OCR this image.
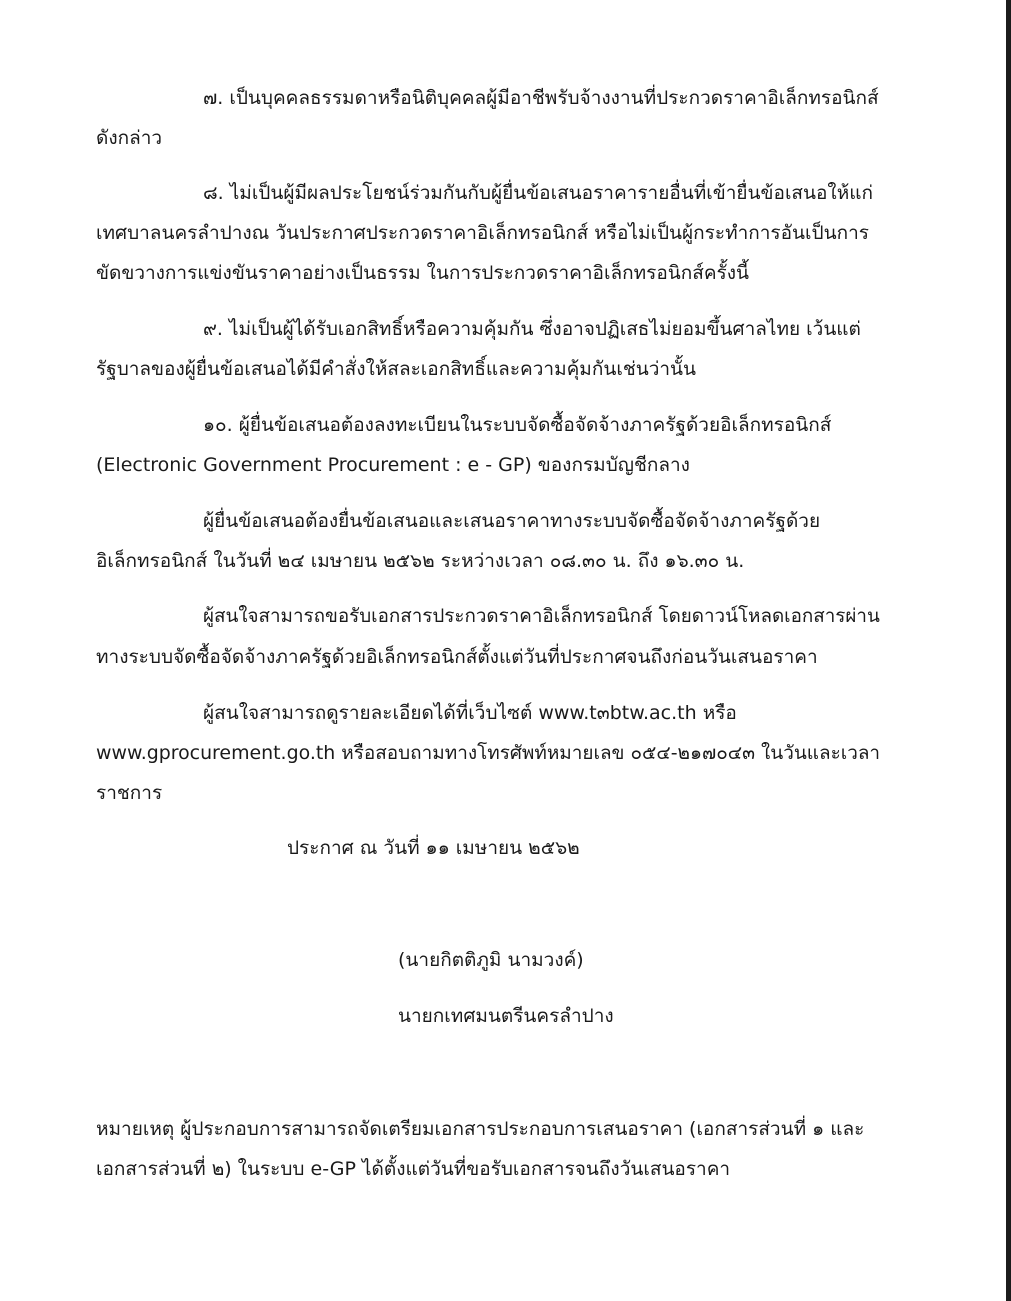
๗. เป็นบุคคลธรรมดาหรือนิติบุคคลผู้มีอาชีพรับจ้างงานที่ประกวดราคาอิเล็กทรอนิกส์
ดังกล่าว
๘. ไม่เป็นผู้มีผลประโยชน์ร่วมกันกับผู้ยื่นข้อเสนอราคารายอื่นที่เข้ายื่นข้อเสนอให้แก่
เทศบาลนครลำปางณ วันประกาศประกวดราคาอิเล็กทรอนิกส์ หรือไม่เป็นผู้กระทำการอันเป็นการ
ขัดขวางการแข่งขันราคาอย่างเป็นธรรม ในการประกวดราคาอิเล็กทรอนิกส์ครั้งนี้
๙. ไม่เป็นผู้ได้รับเอกสิทธิ์หรือความคุ้มกัน ซึ่งอาจปฏิเสธไม่ยอมขึ้นศาลไทย เว้นแต่
รัฐบาลของผู้ยื่นข้อเสนอได้มีคำสั่งให้สละเอกสิทธิ์และความคุ้มกันเช่นว่านั้น
๑๐. ผู้ยื่นข้อเสนอต้องลงทะเบียนในระบบจัดซื้อจัดจ้างภาครัฐด้วยอิเล็กทรอนิกส์
(Electronic Government Procurement : e - GP) ของกรมบัญชีกลาง
ผู้ยื่นข้อเสนอต้องยื่นข้อเสนอและเสนอราคาทางระบบจัดซื้อจัดจ้างภาครัฐด้วย
อิเล็กทรอนิกส์ ในวันที่ ๒๔ เมษายน ๒๕๖๒ ระหว่างเวลา ๐๘.๓๐ น. ถึง ๑๖.๓๐ น.
ผู้สนใจสามารถขอรับเอกสารประกวดราคาอิเล็กทรอนิกส์ โดยดาวน์โหลดเอกสารผ่าน
ทางระบบจัดซื้อจัดจ้างภาครัฐด้วยอิเล็กทรอนิกส์ตั้งแต่วันที่ประกาศจนถึงก่อนวันเสนอราคา
ผู้สนใจสามารถดูรายละเอียดได้ที่เว็บไซต์ www.t๓btw.ac.th หรือ
www.gprocurement.go.th หรือสอบถามทางโทรศัพท์หมายเลข ๐๕๔-๒๑๗๐๔๓ ในวันและเวลา
ราชการ
ประกาศ ณ วันที่ ๑๑ เมษายน ๒๕๖๒
(นายกิตติภูมิ นามวงค์)
นายกเทศมนตรีนครลำปาง
หมายเหตุ ผู้ประกอบการสามารถจัดเตรียมเอกสารประกอบการเสนอราคา (เอกสารส่วนที่ ๑ และ
เอกสารส่วนที่ ๒) ในระบบ e-GP ได้ตั้งแต่วันที่ขอรับเอกสารจนถึงวันเสนอราคา
